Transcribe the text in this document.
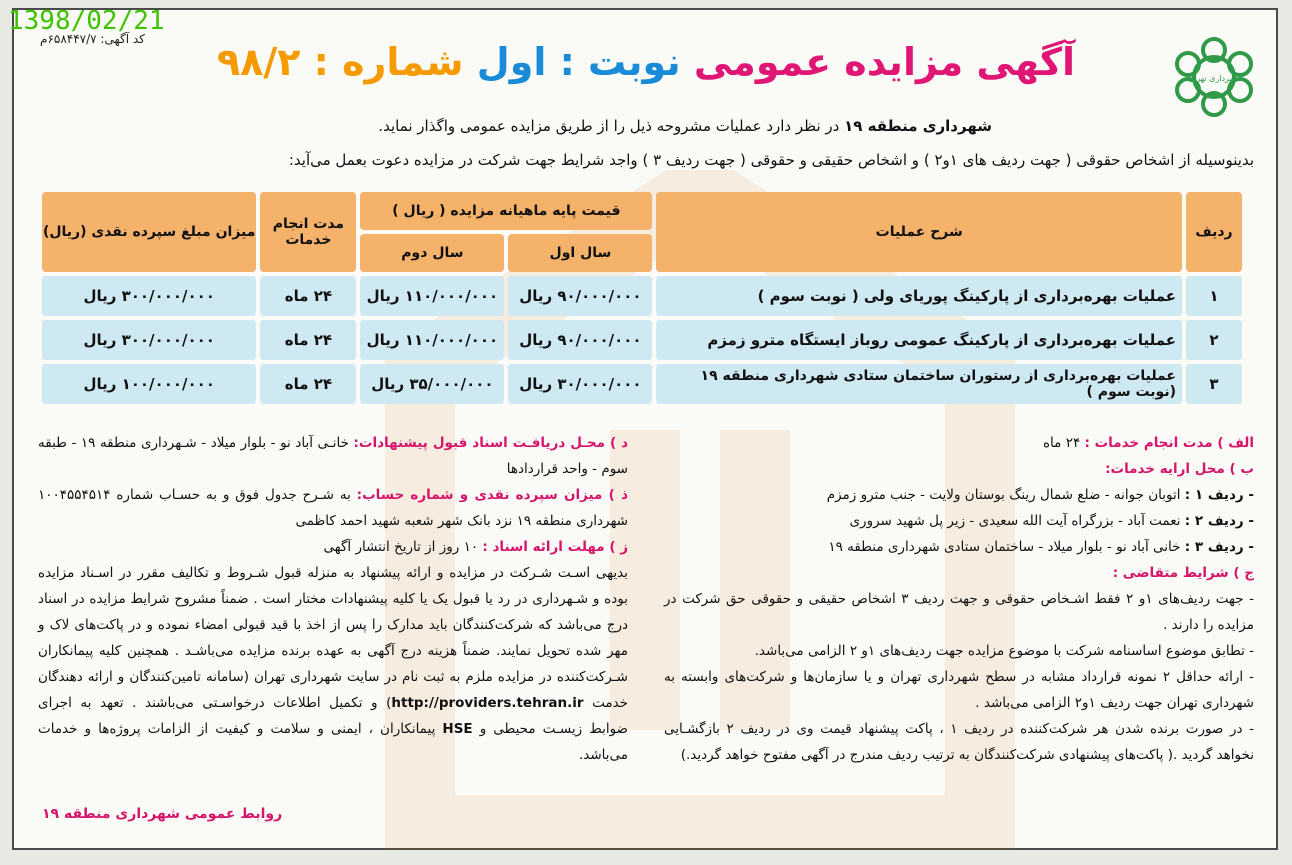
1398/02/21
کد آگهی: ۶۵۸۴۴۷/۷م
شهرداری تهران
آگهی مزایده عمومی نوبت : اول شماره : ۹۸/۲
شهرداری منطقه ۱۹ در نظر دارد عملیات مشروحه ذیل را از طریق مزایده عمومی واگذار نماید.
بدینوسیله از اشخاص حقوقی ( جهت ردیف های ۱و۲ ) و اشخاص حقیقی و حقوقی ( جهت ردیف ۳ ) واجد شرایط جهت شرکت در مزایده دعوت بعمل می‌آید:
ردیف	شرح عملیات	قیمت پایه ماهیانه مزایده ( ریال )		مدت انجام خدمات	میزان مبلغ سپرده نقدی (ریال)
		سال اول	سال دوم		
۱	عملیات بهره‌برداری از پارکینگ پوریای ولی ( نوبت سوم )	۹۰/۰۰۰/۰۰۰ ریال	۱۱۰/۰۰۰/۰۰۰ ریال	۲۴ ماه	۳۰۰/۰۰۰/۰۰۰ ریال
۲	عملیات بهره‌برداری از پارکینگ عمومی روباز ایستگاه مترو زمزم	۹۰/۰۰۰/۰۰۰ ریال	۱۱۰/۰۰۰/۰۰۰ ریال	۲۴ ماه	۳۰۰/۰۰۰/۰۰۰ ریال
۳	عملیات بهره‌برداری از رستوران ساختمان ستادی شهرداری منطقه ۱۹ (نوبت سوم )	۳۰/۰۰۰/۰۰۰ ریال	۳۵/۰۰۰/۰۰۰ ریال	۲۴ ماه	۱۰۰/۰۰۰/۰۰۰ ریال

الف ) مدت انجام خدمات : ۲۴ ماه

ب ) محل ارایه خدمات:

- ردیف ۱ : اتوبان جوانه - ضلع شمال رینگ بوستان ولایت - جنب مترو زمزم

- ردیف ۲ : نعمت آباد - بزرگراه آیت الله سعیدی - زیر پل شهید سروری

- ردیف ۳ : خانی آباد نو - بلوار میلاد - ساختمان ستادی شهرداری منطقه ۱۹

ج ) شرایط متقاضی :

- جهت ردیف‌های ۱و ۲ فقط اشـخاص حقوقی و جهت ردیف ۳ اشخاص حقیقی و حقوقی حق شرکت در مزایده را دارند .

- تطابق موضوع اساسنامه شرکت با موضوع مزایده جهت ردیف‌های ۱و ۲ الزامی می‌باشد.

- ارائه حداقل ۲ نمونه قرارداد مشابه در سطح شهرداری تهران و یا سازمان‌ها و شرکت‌های وابسته به شهرداری تهران جهت ردیف ۱و۲ الزامی می‌باشد .

- در صورت برنده شدن هر شرکت‌کننده در ردیف ۱ ، پاکت پیشنهاد قیمت وی در ردیف ۲ بازگشـایی نخواهد گردید .( پاکت‌های پیشنهادی شرکت‌کنندگان به ترتیب ردیف مندرج در آگهی مفتوح خواهد گردید.)

د ) محـل دریافـت اسناد قبول پیشنهادات: خانـی آباد نو - بلوار میلاد - شـهرداری منطقه ۱۹ - طبقه سوم - واحد قراردادها

ذ ) میزان سپرده نقدی و شماره حساب: به شـرح جدول فوق و به حسـاب شماره ۱۰۰۴۵۵۴۵۱۴ شهرداری منطقه ۱۹ نزد بانک شهر شعبه شهید احمد کاظمی

ز ) مهلت ارائه اسناد : ۱۰ روز از تاریخ انتشار آگهی

بدیهی اسـت شـرکت در مزایده و ارائه پیشنهاد به منزله قبول شـروط و تکالیف مقرر در اسـناد مزایده بوده و شـهرداری در رد یا قبول یک یا کلیه پیشنهادات مختار است . ضمناً مشروح شرایط مزایده در اسناد درج می‌باشد که شرکت‌کنندگان باید مدارک را پس از اخذ با قید قبولی امضاء نموده و در پاکت‌های لاک و مهر شده تحویل نمایند. ضمناً هزینه درج آگهی به عهده برنده مزایده می‌باشـد . همچنین کلیه پیمانکاران شـرکت‌کننده در مزایده ملزم به ثبت نام در سایت شهرداری تهران (سامانه تامین‌کنندگان و ارائه دهندگان خدمت http://providers.tehran.ir) و تکمیل اطلاعات درخواسـتی می‌باشند . تعهد به اجرای ضوابط زیسـت محیطی و HSE پیمانکاران ، ایمنی و سلامت و کیفیت از الزامات پروژه‌ها و خدمات می‌باشد.

روابط عمومی شهرداری منطقه ۱۹
